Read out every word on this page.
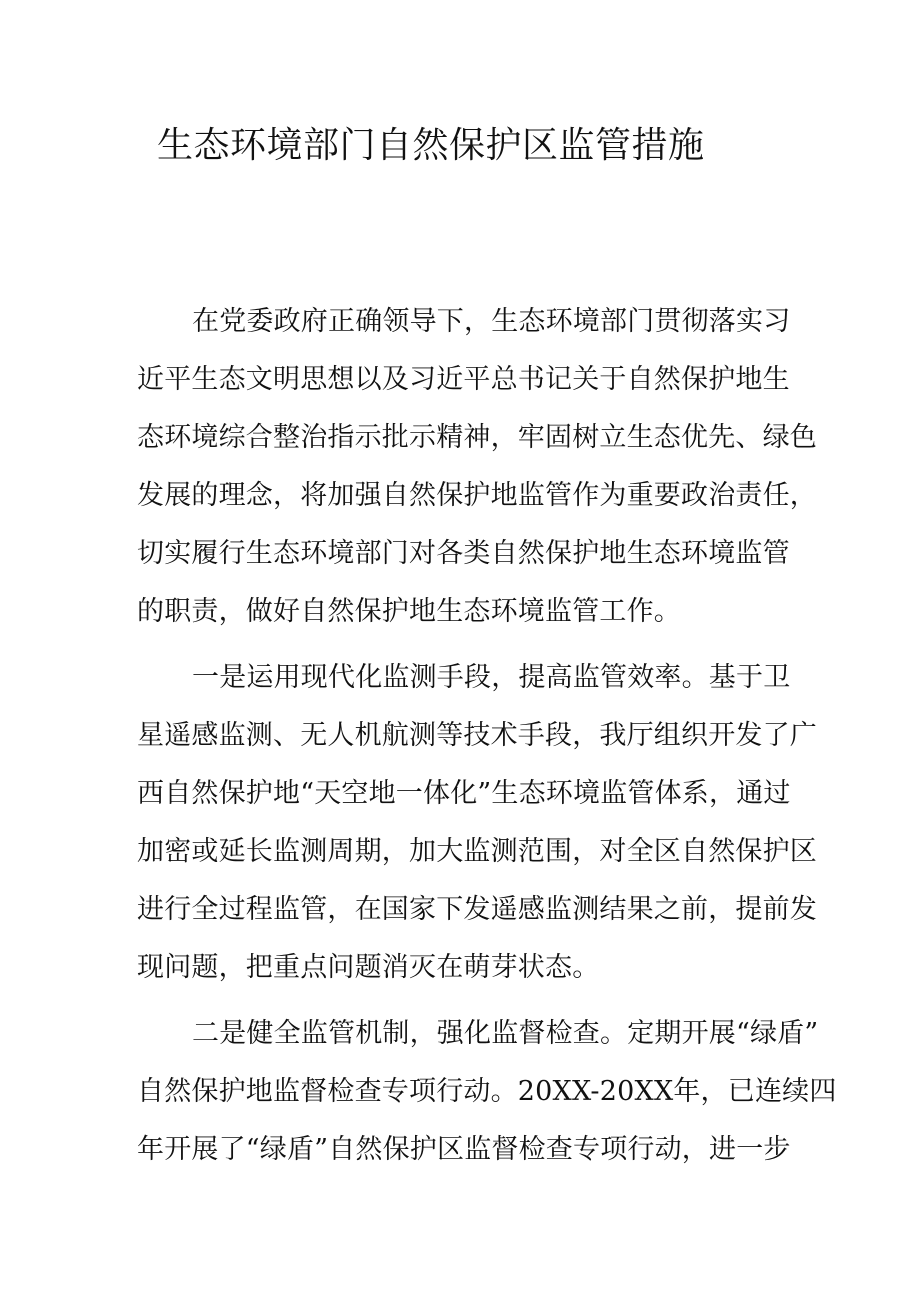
生态环境部门自然保护区监管措施

在党委政府正确领导下，生态环境部门贯彻落实习

近平生态文明思想以及习近平总书记关于自然保护地生

态环境综合整治指示批示精神，牢固树立生态优先、绿色

发展的理念，将加强自然保护地监管作为重要政治责任，

切实履行生态环境部门对各类自然保护地生态环境监管

的职责，做好自然保护地生态环境监管工作。

一是运用现代化监测手段，提高监管效率。基于卫

星遥感监测、无人机航测等技术手段，我厅组织开发了广

西自然保护地“天空地一体化”生态环境监管体系，通过

加密或延长监测周期，加大监测范围，对全区自然保护区

进行全过程监管，在国家下发遥感监测结果之前，提前发

现问题，把重点问题消灭在萌芽状态。

二是健全监管机制，强化监督检查。定期开展“绿盾”

自然保护地监督检查专项行动。20XX-20XX年，已连续四

年开展了“绿盾”自然保护区监督检查专项行动，进一步
